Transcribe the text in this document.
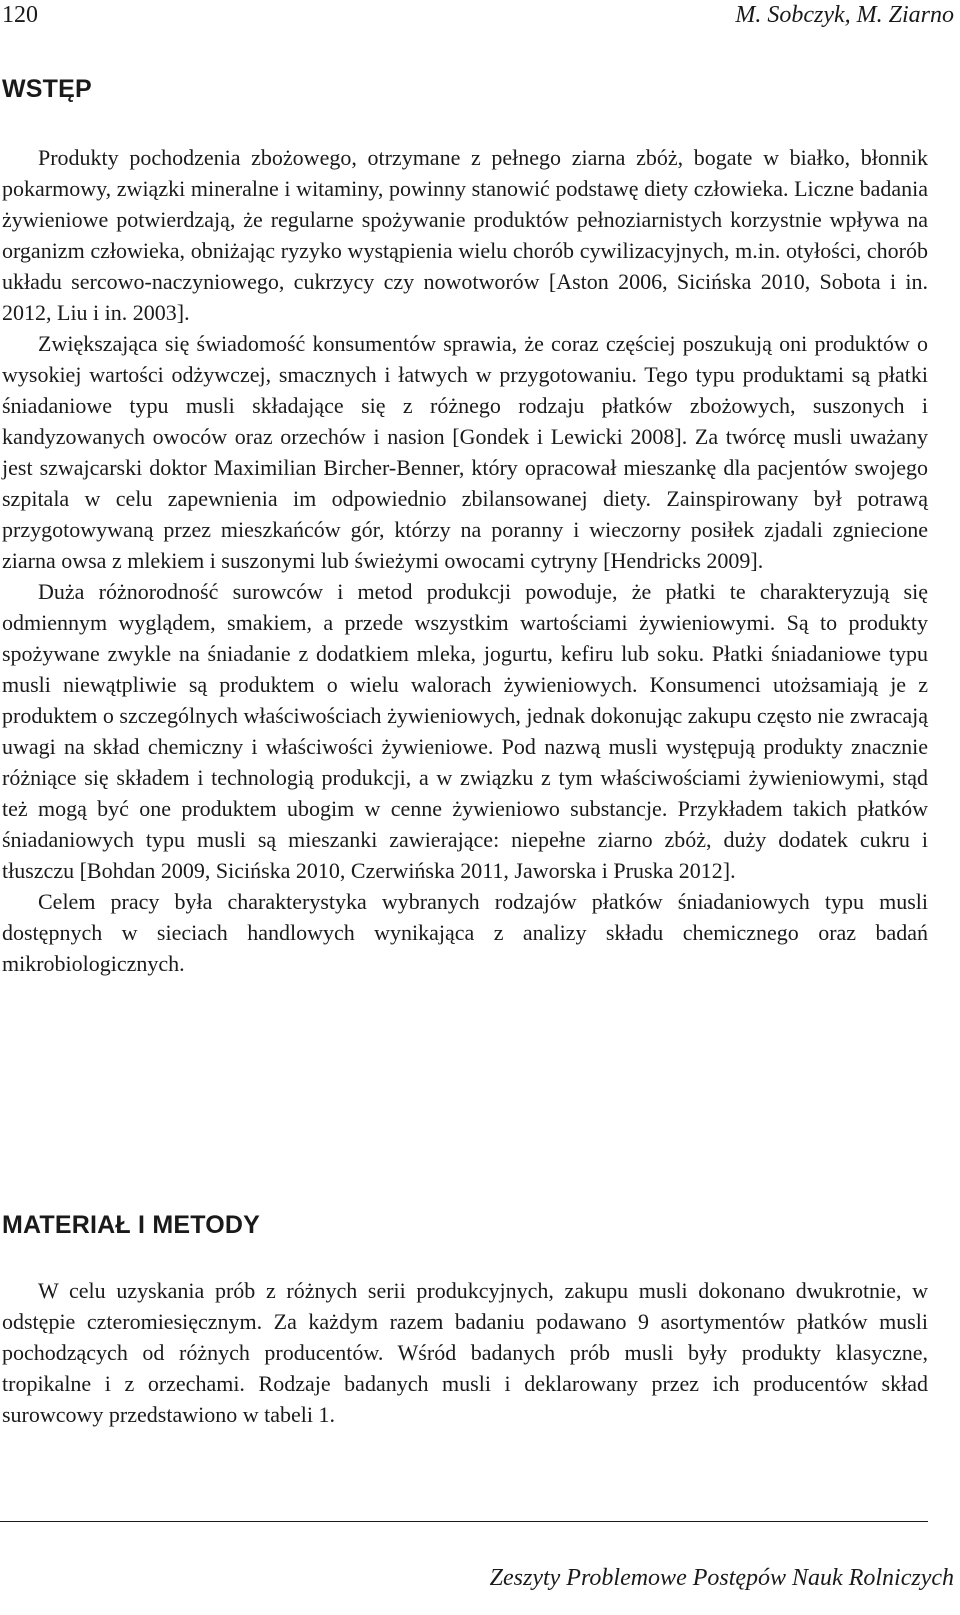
120	M. Sobczyk, M. Ziarno

WSTĘP

Produkty pochodzenia zbożowego, otrzymane z pełnego ziarna zbóż, bogate w białko, błonnik pokarmowy, związki mineralne i witaminy, powinny stanowić podstawę diety człowieka. Liczne badania żywieniowe potwierdzają, że regularne spożywanie produktów pełnoziarnistych korzystnie wpływa na organizm człowieka, obniżając ryzyko wystąpienia wielu chorób cywilizacyjnych, m.in. otyłości, chorób układu sercowo-naczyniowego, cukrzycy czy nowotworów [Aston 2006, Sicińska 2010, Sobota i in. 2012, Liu i in. 2003].

Zwiększająca się świadomość konsumentów sprawia, że coraz częściej poszukują oni produktów o wysokiej wartości odżywczej, smacznych i łatwych w przygotowaniu. Tego typu produktami są płatki śniadaniowe typu musli składające się z różnego rodzaju płatków zbożowych, suszonych i kandyzowanych owoców oraz orzechów i nasion [Gondek i Lewicki 2008]. Za twórcę musli uważany jest szwajcarski doktor Maximilian Bircher-Benner, który opracował mieszankę dla pacjentów swojego szpitala w celu zapewnienia im odpowiednio zbilansowanej diety. Zainspirowany był potrawą przygotowywaną przez mieszkańców gór, którzy na poranny i wieczorny posiłek zjadali zgniecione ziarna owsa z mlekiem i suszonymi lub świeżymi owocami cytryny [Hendricks 2009].

Duża różnorodność surowców i metod produkcji powoduje, że płatki te charakteryzują się odmiennym wyglądem, smakiem, a przede wszystkim wartościami żywieniowymi. Są to produkty spożywane zwykle na śniadanie z dodatkiem mleka, jogurtu, kefiru lub soku. Płatki śniadaniowe typu musli niewątpliwie są produktem o wielu walorach żywieniowych. Konsumenci utożsamiają je z produktem o szczególnych właściwościach żywieniowych, jednak dokonując zakupu często nie zwracają uwagi na skład chemiczny i właściwości żywieniowe. Pod nazwą musli występują produkty znacznie różniące się składem i technologią produkcji, a w związku z tym właściwościami żywieniowymi, stąd też mogą być one produktem ubogim w cenne żywieniowo substancje. Przykładem takich płatków śniadaniowych typu musli są mieszanki zawierające: niepełne ziarno zbóż, duży dodatek cukru i tłuszczu [Bohdan 2009, Sicińska 2010, Czerwińska 2011, Jaworska i Pruska 2012].

Celem pracy była charakterystyka wybranych rodzajów płatków śniadaniowych typu musli dostępnych w sieciach handlowych wynikająca z analizy składu chemicznego oraz badań mikrobiologicznych.

MATERIAŁ I METODY

W celu uzyskania prób z różnych serii produkcyjnych, zakupu musli dokonano dwukrotnie, w odstępie czteromiesięcznym. Za każdym razem badaniu podawano 9 asortymentów płatków musli pochodzących od różnych producentów. Wśród badanych prób musli były produkty klasyczne, tropikalne i z orzechami. Rodzaje badanych musli i deklarowany przez ich producentów skład surowcowy przedstawiono w tabeli 1.

Zeszyty Problemowe Postępów Nauk Rolniczych
